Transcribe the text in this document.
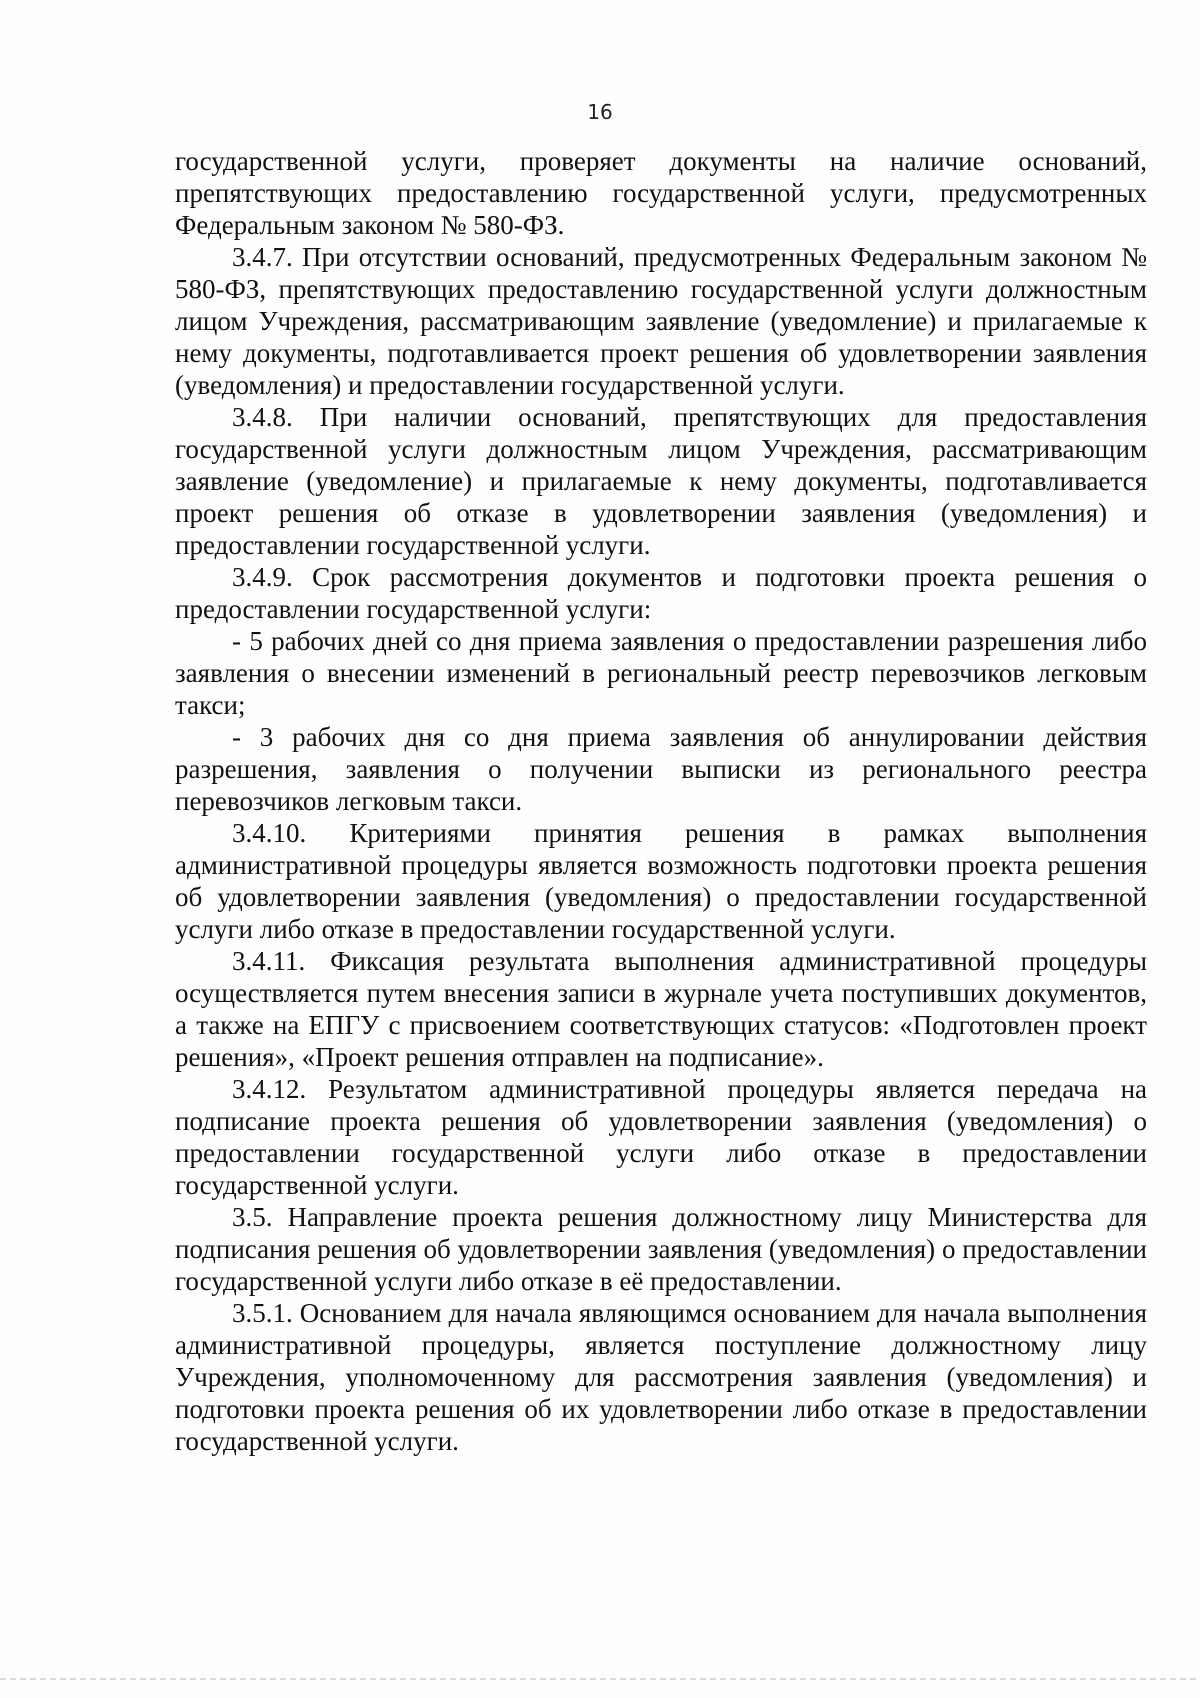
16

государственной услуги, проверяет документы на наличие оснований, препятствующих предоставлению государственной услуги, предусмотренных Федеральным законом № 580-ФЗ.

3.4.7. При отсутствии оснований, предусмотренных Федеральным законом № 580-ФЗ, препятствующих предоставлению государственной услуги должностным лицом Учреждения, рассматривающим заявление (уведомление) и прилагаемые к нему документы, подготавливается проект решения об удовлетворении заявления (уведомления) и предоставлении государственной услуги.

3.4.8. При наличии оснований, препятствующих для предоставления государственной услуги должностным лицом Учреждения, рассматривающим заявление (уведомление) и прилагаемые к нему документы, подготавливается проект решения об отказе в удовлетворении заявления (уведомления) и предоставлении государственной услуги.

3.4.9. Срок рассмотрения документов и подготовки проекта решения о предоставлении государственной услуги:

- 5 рабочих дней со дня приема заявления о предоставлении разрешения либо заявления о внесении изменений в региональный реестр перевозчиков легковым такси;

- 3 рабочих дня со дня приема заявления об аннулировании действия разрешения, заявления о получении выписки из регионального реестра перевозчиков легковым такси.

3.4.10. Критериями принятия решения в рамках выполнения административной процедуры является возможность подготовки проекта решения об удовлетворении заявления (уведомления) о предоставлении государственной услуги либо отказе в предоставлении государственной услуги.

3.4.11. Фиксация результата выполнения административной процедуры осуществляется путем внесения записи в журнале учета поступивших документов, а также на ЕПГУ с присвоением соответствующих статусов: «Подготовлен проект решения», «Проект решения отправлен на подписание».

3.4.12. Результатом административной процедуры является передача на подписание проекта решения об удовлетворении заявления (уведомления) о предоставлении государственной услуги либо отказе в предоставлении государственной услуги.

3.5. Направление проекта решения должностному лицу Министерства для подписания решения об удовлетворении заявления (уведомления) о предоставлении государственной услуги либо отказе в её предоставлении.

3.5.1. Основанием для начала являющимся основанием для начала выполнения административной процедуры, является поступление должностному лицу Учреждения, уполномоченному для рассмотрения заявления (уведомления) и подготовки проекта решения об их удовлетворении либо отказе в предоставлении государственной услуги.
